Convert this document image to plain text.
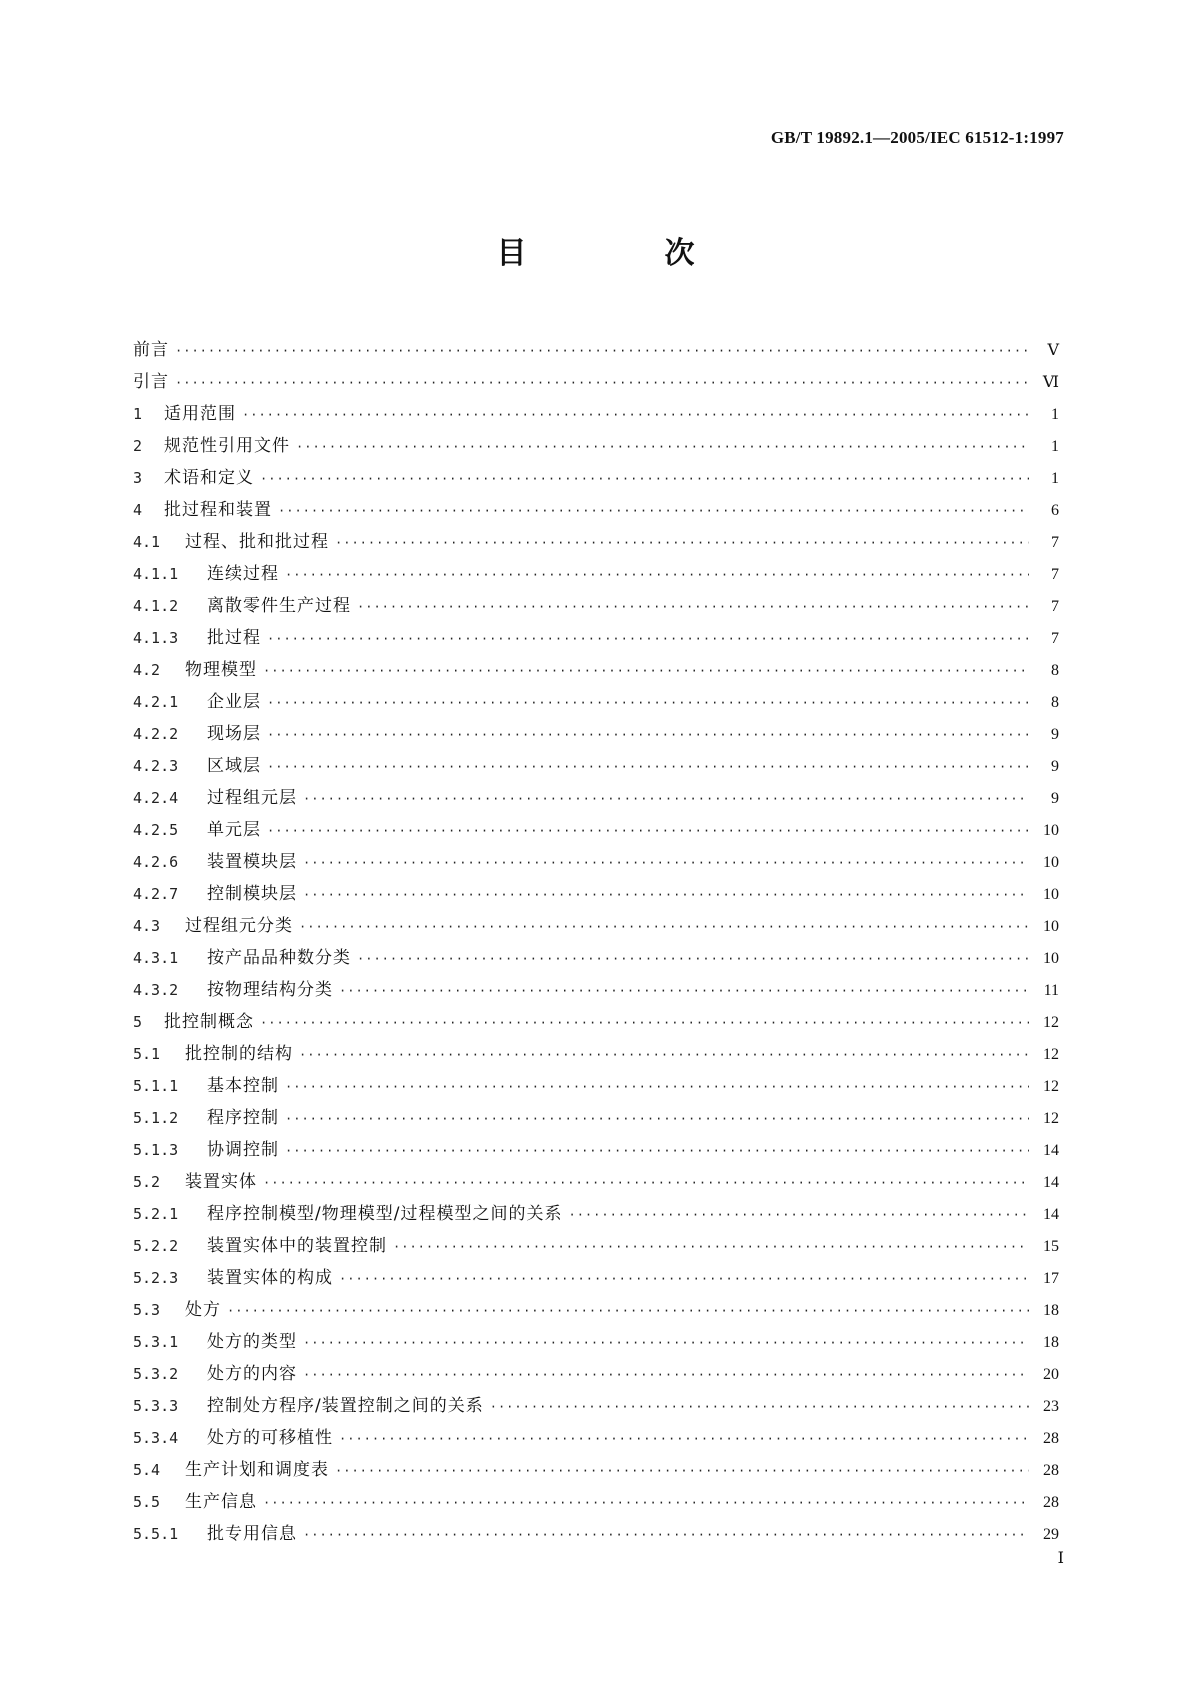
GB/T 19892.1—2005/IEC 61512-1:1997
目　次
前言 ·····	Ⅴ
引言 ·····	Ⅵ
1	适用范围 ·····	1
2	规范性引用文件 ·····	1
3	术语和定义 ·····	1
4	批过程和装置 ·····	6
4.1	过程、批和批过程 ·····	7
4.1.1	连续过程 ·····	7
4.1.2	离散零件生产过程 ·····	7
4.1.3	批过程 ·····	7
4.2	物理模型 ·····	8
4.2.1	企业层 ·····	8
4.2.2	现场层 ·····	9
4.2.3	区域层 ·····	9
4.2.4	过程组元层 ·····	9
4.2.5	单元层 ·····	10
4.2.6	装置模块层 ·····	10
4.2.7	控制模块层 ·····	10
4.3	过程组元分类 ·····	10
4.3.1	按产品品种数分类 ·····	10
4.3.2	按物理结构分类 ·····	11
5	批控制概念 ·····	12
5.1	批控制的结构 ·····	12
5.1.1	基本控制 ·····	12
5.1.2	程序控制 ·····	12
5.1.3	协调控制 ·····	14
5.2	装置实体 ·····	14
5.2.1	程序控制模型/物理模型/过程模型之间的关系 ·····	14
5.2.2	装置实体中的装置控制 ·····	15
5.2.3	装置实体的构成 ·····	17
5.3	处方 ·····	18
5.3.1	处方的类型 ·····	18
5.3.2	处方的内容 ·····	20
5.3.3	控制处方程序/装置控制之间的关系 ·····	23
5.3.4	处方的可移植性 ·····	28
5.4	生产计划和调度表 ·····	28
5.5	生产信息 ·····	28
5.5.1	批专用信息 ·····	29
Ⅰ
